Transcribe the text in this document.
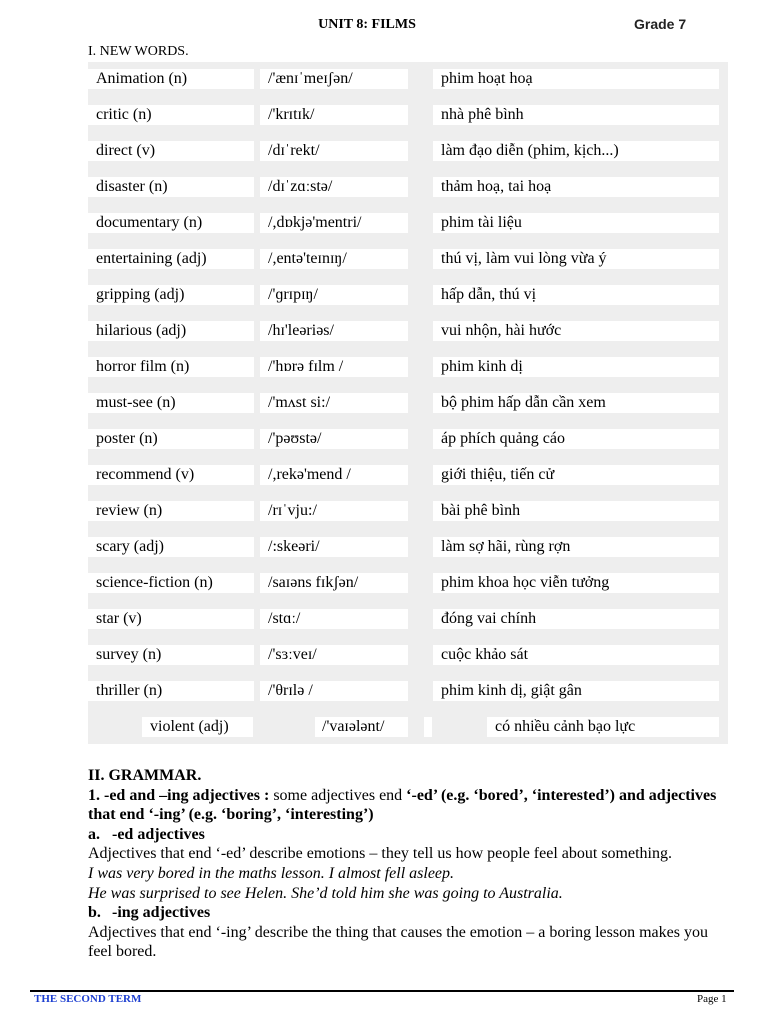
UNIT 8: FILMS	Grade 7
I. NEW WORDS.
Animation (n)	/'ænɪˈmeɪʃən/	phim hoạt hoạ
critic (n)	/'krɪtɪk/	nhà phê bình
direct (v)	/dɪˈrekt/	làm đạo diễn (phim, kịch...)
disaster (n)	/dɪˈzɑːstə/	thảm hoạ, tai hoạ
documentary (n)	/,dɒkjə'mentri/	phim tài liệu
entertaining (adj)	/,entə'teɪnɪŋ/	thú vị, làm vui lòng vừa ý
gripping (adj)	/'ɡrɪpɪŋ/	hấp dẫn, thú vị
hilarious (adj)	/hɪ'leəriəs/	vui nhộn, hài hước
horror film (n)	/'hɒrə fɪlm /	phim kinh dị
must-see (n)	/'mʌst si:/	bộ phim hấp dẫn cần xem
poster (n)	/'pəʊstə/	áp phích quảng cáo
recommend (v)	/,rekə'mend /	giới thiệu, tiến cử
review (n)	/rɪˈvju:/	bài phê bình
scary (adj)	/:skeəri/	làm sợ hãi, rùng rợn
science-fiction (n)	/saɪəns fɪkʃən/	phim khoa học viễn tưởng
star (v)	/stɑː/	đóng vai chính
survey (n)	/'sɜːveɪ/	cuộc khảo sát
thriller (n)	/'θrɪlə /	phim kinh dị, giật gân
violent (adj)	/'vaɪələnt/	có nhiều cảnh bạo lực

II. GRAMMAR.

1. -ed and –ing adjectives : some adjectives end ‘-ed’ (e.g. ‘bored’, ‘interested’) and adjectives that end ‘-ing’ (e.g. ‘boring’, ‘interesting’)

a. -ed adjectives

Adjectives that end ‘-ed’ describe emotions – they tell us how people feel about something.

I was very bored in the maths lesson. I almost fell asleep.

He was surprised to see Helen. She’d told him she was going to Australia.

b. -ing adjectives

Adjectives that end ‘-ing’ describe the thing that causes the emotion – a boring lesson makes you feel bored.

THE SECOND TERM	Page 1
